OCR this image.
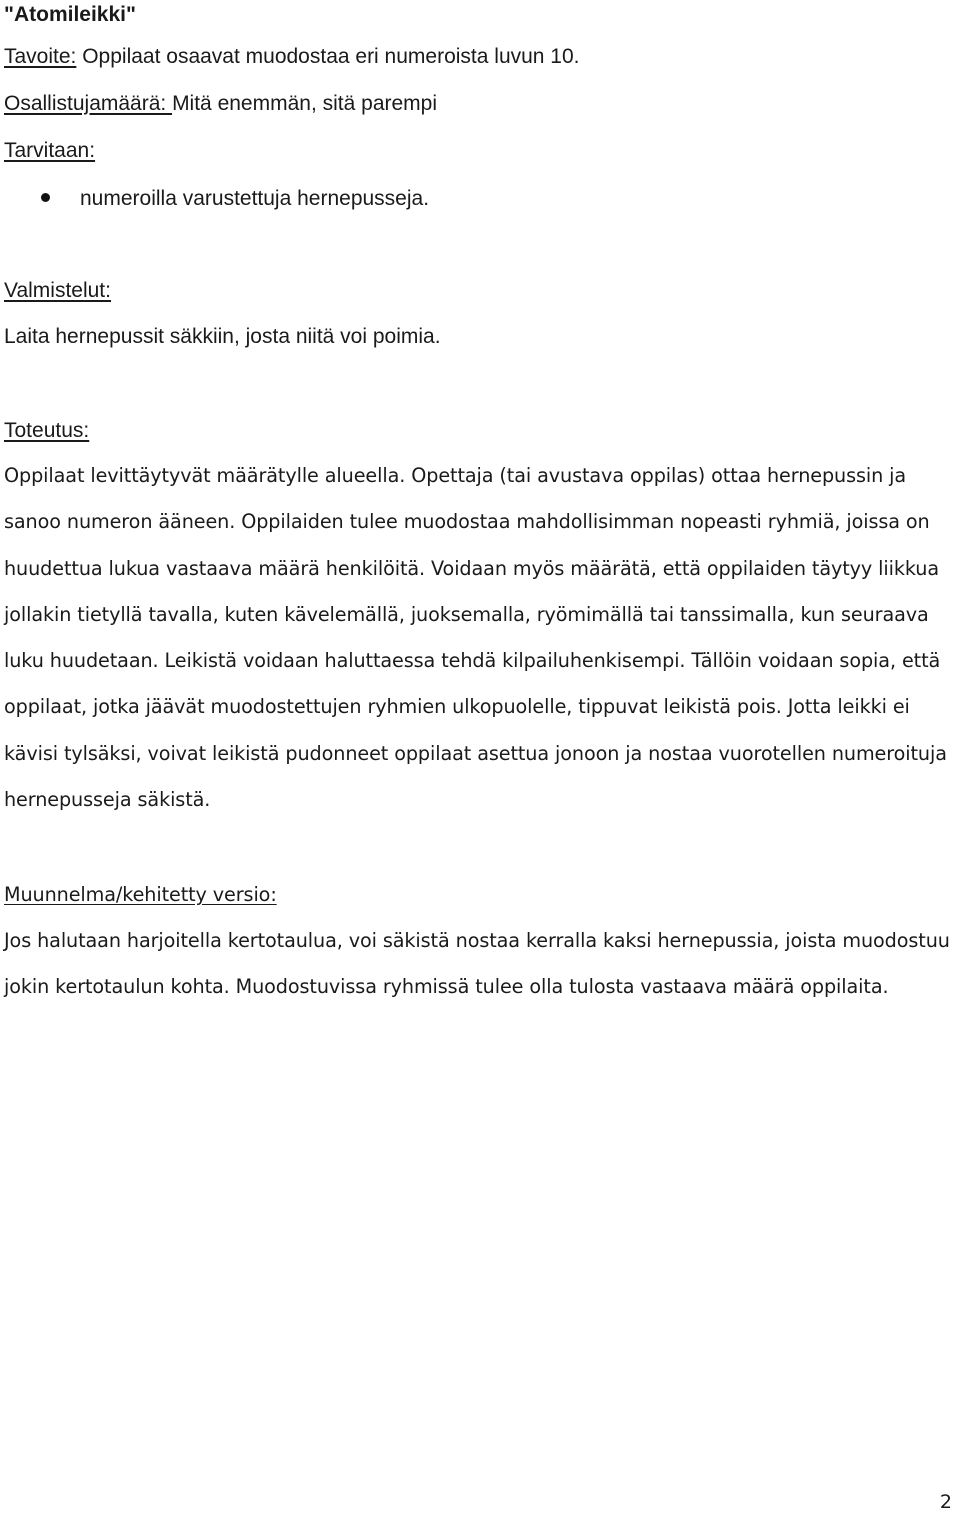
"Atomileikki"
Tavoite: Oppilaat osaavat muodostaa eri numeroista luvun 10.
Osallistujamäärä: Mitä enemmän, sitä parempi
Tarvitaan:
numeroilla varustettuja hernepusseja.
Valmistelut:
Laita hernepussit säkkiin, josta niitä voi poimia.
Toteutus:

Oppilaat levittäytyvät määrätylle alueella. Opettaja (tai avustava oppilas) ottaa hernepussin ja sanoo numeron ääneen. Oppilaiden tulee muodostaa mahdollisimman nopeasti ryhmiä, joissa on huudettua lukua vastaava määrä henkilöitä. Voidaan myös määrätä, että oppilaiden täytyy liikkua jollakin tietyllä tavalla, kuten kävelemällä, juoksemalla, ryömimällä tai tanssimalla, kun seuraava luku huudetaan. Leikistä voidaan haluttaessa tehdä kilpailuhenkisempi. Tällöin voidaan sopia, että oppilaat, jotka jäävät muodostettujen ryhmien ulkopuolelle, tippuvat leikistä pois. Jotta leikki ei kävisi tylsäksi, voivat leikistä pudonneet oppilaat asettua jonoon ja nostaa vuorotellen numeroituja hernepusseja säkistä.

Muunnelma/kehitetty versio:

Jos halutaan harjoitella kertotaulua, voi säkistä nostaa kerralla kaksi hernepussia, joista muodostuu jokin kertotaulun kohta. Muodostuvissa ryhmissä tulee olla tulosta vastaava määrä oppilaita.

2
